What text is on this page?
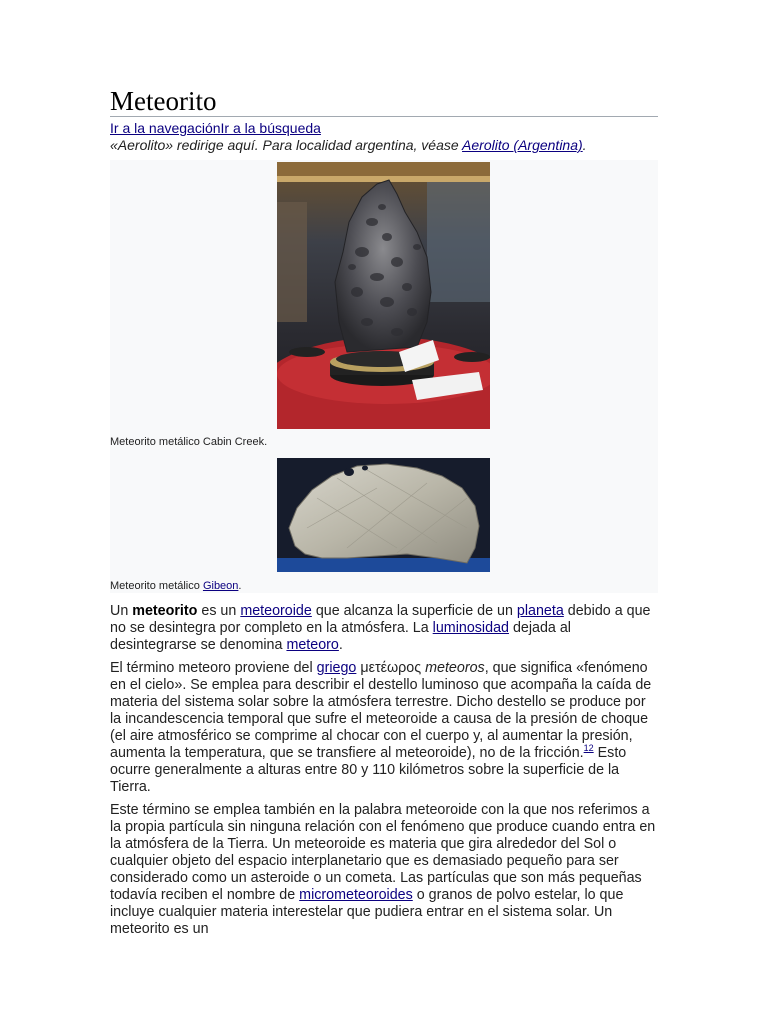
Meteorito
Ir a la navegaciónIr a la búsqueda
«Aerolito» redirige aquí. Para localidad argentina, véase Aerolito (Argentina).
Meteorito metálico Cabin Creek.
Meteorito metálico Gibeon.

Un meteorito es un meteoroide que alcanza la superficie de un planeta debido a que no se desintegra por completo en la atmósfera. La luminosidad dejada al desintegrarse se denomina meteoro.

El término meteoro proviene del griego μετέωρος meteoros, que significa «fenómeno en el cielo». Se emplea para describir el destello luminoso que acompaña la caída de materia del sistema solar sobre la atmósfera terrestre. Dicho destello se produce por la incandescencia temporal que sufre el meteoroide a causa de la presión de choque (el aire atmosférico se comprime al chocar con el cuerpo y, al aumentar la presión, aumenta la temperatura, que se transfiere al meteoroide), no de la fricción.$^{12}$ Esto ocurre generalmente a alturas entre 80 y 110 kilómetros sobre la superficie de la Tierra.

Este término se emplea también en la palabra meteoroide con la que nos referimos a la propia partícula sin ninguna relación con el fenómeno que produce cuando entra en la atmósfera de la Tierra. Un meteoroide es materia que gira alrededor del Sol o cualquier objeto del espacio interplanetario que es demasiado pequeño para ser considerado como un asteroide o un cometa. Las partículas que son más pequeñas todavía reciben el nombre de micrometeoroides o granos de polvo estelar, lo que incluye cualquier materia interestelar que pudiera entrar en el sistema solar. Un meteorito es un
